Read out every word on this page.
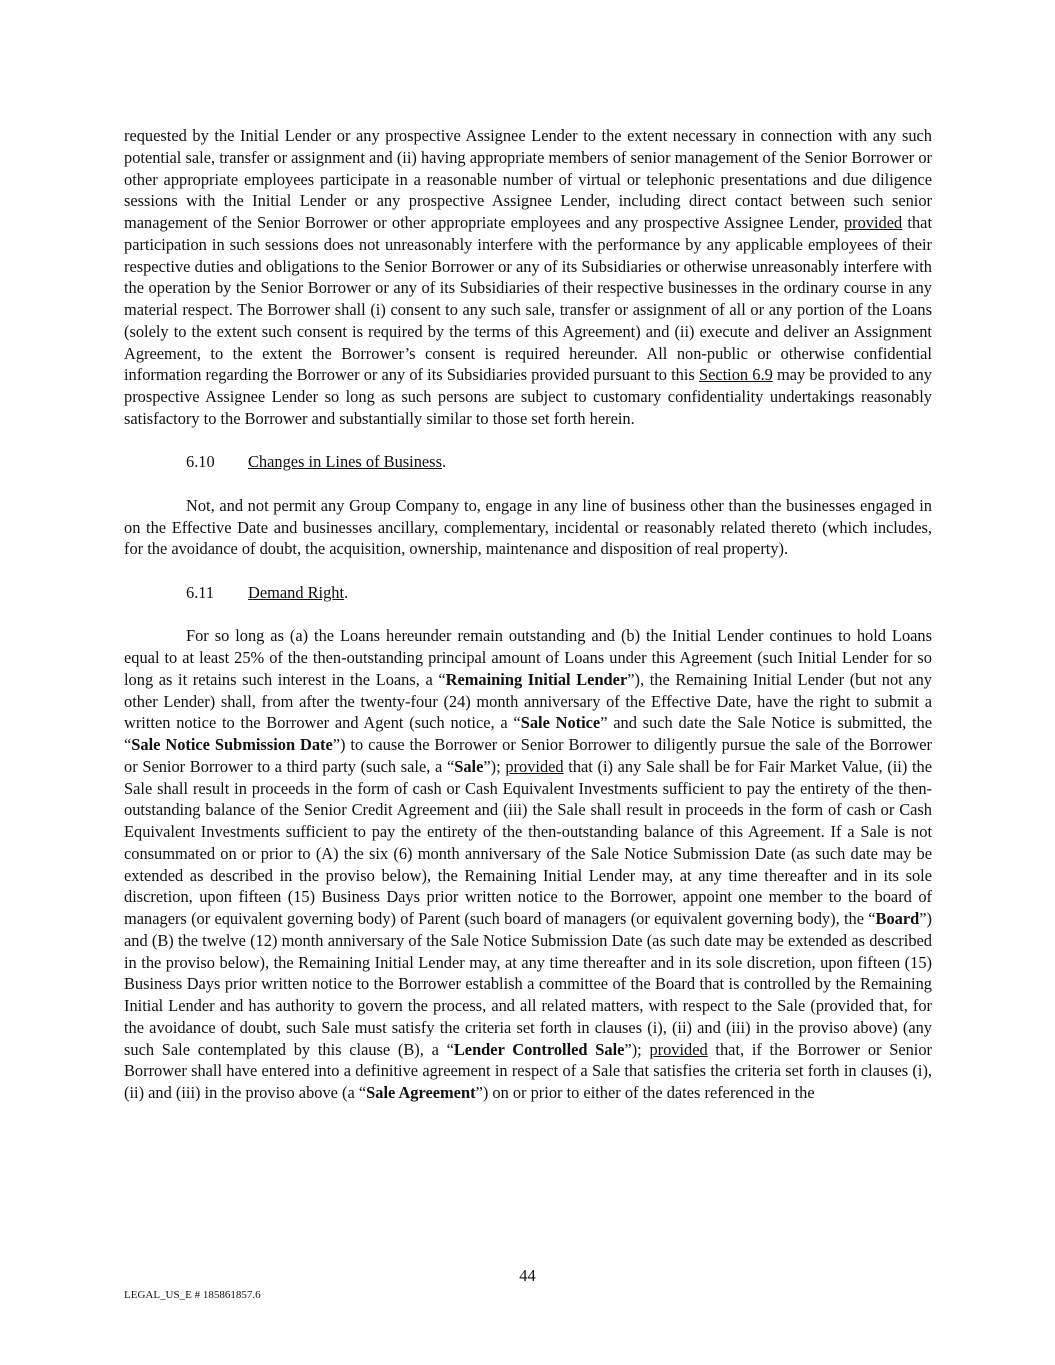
requested by the Initial Lender or any prospective Assignee Lender to the extent necessary in connection with any such potential sale, transfer or assignment and (ii) having appropriate members of senior management of the Senior Borrower or other appropriate employees participate in a reasonable number of virtual or telephonic presentations and due diligence sessions with the Initial Lender or any prospective Assignee Lender, including direct contact between such senior management of the Senior Borrower or other appropriate employees and any prospective Assignee Lender, provided that participation in such sessions does not unreasonably interfere with the performance by any applicable employees of their respective duties and obligations to the Senior Borrower or any of its Subsidiaries or otherwise unreasonably interfere with the operation by the Senior Borrower or any of its Subsidiaries of their respective businesses in the ordinary course in any material respect. The Borrower shall (i) consent to any such sale, transfer or assignment of all or any portion of the Loans (solely to the extent such consent is required by the terms of this Agreement) and (ii) execute and deliver an Assignment Agreement, to the extent the Borrower’s consent is required hereunder. All non-public or otherwise confidential information regarding the Borrower or any of its Subsidiaries provided pursuant to this Section 6.9 may be provided to any prospective Assignee Lender so long as such persons are subject to customary confidentiality undertakings reasonably satisfactory to the Borrower and substantially similar to those set forth herein.

6.10 Changes in Lines of Business.

Not, and not permit any Group Company to, engage in any line of business other than the businesses engaged in on the Effective Date and businesses ancillary, complementary, incidental or reasonably related thereto (which includes, for the avoidance of doubt, the acquisition, ownership, maintenance and disposition of real property).

6.11 Demand Right.

For so long as (a) the Loans hereunder remain outstanding and (b) the Initial Lender continues to hold Loans equal to at least 25% of the then-outstanding principal amount of Loans under this Agreement (such Initial Lender for so long as it retains such interest in the Loans, a “Remaining Initial Lender”), the Remaining Initial Lender (but not any other Lender) shall, from after the twenty-four (24) month anniversary of the Effective Date, have the right to submit a written notice to the Borrower and Agent (such notice, a “Sale Notice” and such date the Sale Notice is submitted, the “Sale Notice Submission Date”) to cause the Borrower or Senior Borrower to diligently pursue the sale of the Borrower or Senior Borrower to a third party (such sale, a “Sale”); provided that (i) any Sale shall be for Fair Market Value, (ii) the Sale shall result in proceeds in the form of cash or Cash Equivalent Investments sufficient to pay the entirety of the then-outstanding balance of the Senior Credit Agreement and (iii) the Sale shall result in proceeds in the form of cash or Cash Equivalent Investments sufficient to pay the entirety of the then-outstanding balance of this Agreement. If a Sale is not consummated on or prior to (A) the six (6) month anniversary of the Sale Notice Submission Date (as such date may be extended as described in the proviso below), the Remaining Initial Lender may, at any time thereafter and in its sole discretion, upon fifteen (15) Business Days prior written notice to the Borrower, appoint one member to the board of managers (or equivalent governing body) of Parent (such board of managers (or equivalent governing body), the “Board”) and (B) the twelve (12) month anniversary of the Sale Notice Submission Date (as such date may be extended as described in the proviso below), the Remaining Initial Lender may, at any time thereafter and in its sole discretion, upon fifteen (15) Business Days prior written notice to the Borrower establish a committee of the Board that is controlled by the Remaining Initial Lender and has authority to govern the process, and all related matters, with respect to the Sale (provided that, for the avoidance of doubt, such Sale must satisfy the criteria set forth in clauses (i), (ii) and (iii) in the proviso above) (any such Sale contemplated by this clause (B), a “Lender Controlled Sale”); provided that, if the Borrower or Senior Borrower shall have entered into a definitive agreement in respect of a Sale that satisfies the criteria set forth in clauses (i), (ii) and (iii) in the proviso above (a “Sale Agreement”) on or prior to either of the dates referenced in the

44
LEGAL_US_E # 185861857.6
